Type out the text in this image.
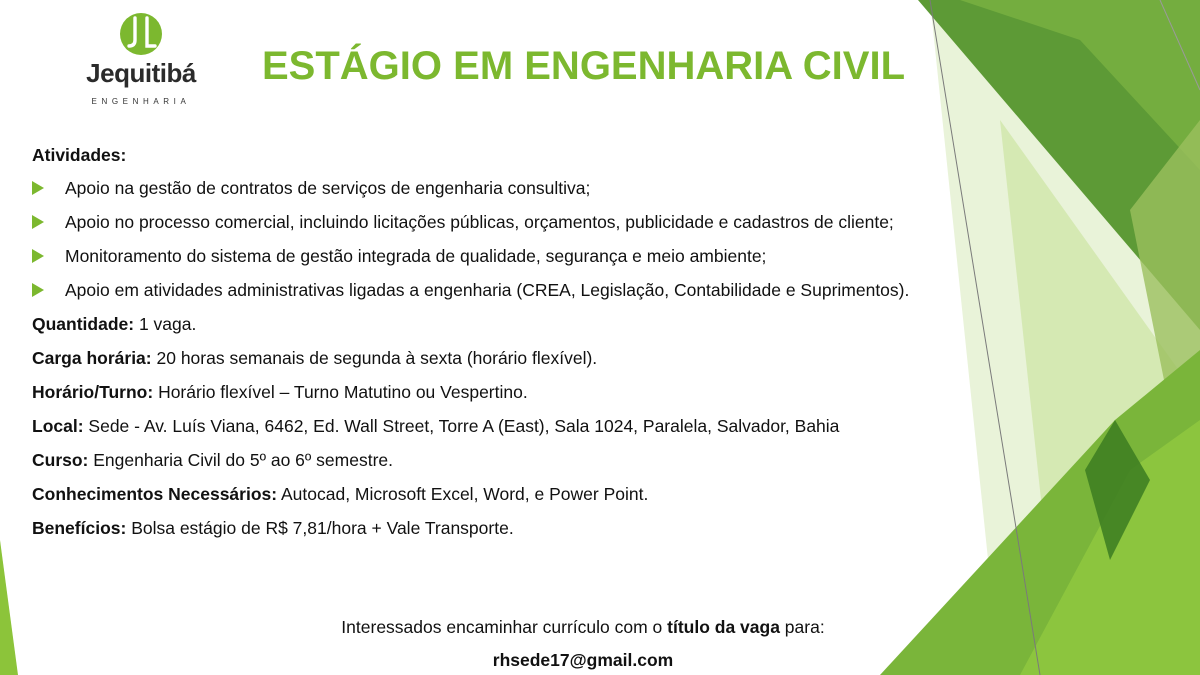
Jequitibá
ENGENHARIA
ESTÁGIO EM ENGENHARIA CIVIL
Atividades:
Apoio na gestão de contratos de serviços de engenharia consultiva;
Apoio no processo comercial, incluindo licitações públicas, orçamentos, publicidade e cadastros de cliente;
Monitoramento do sistema de gestão integrada de qualidade, segurança e meio ambiente;
Apoio em atividades administrativas ligadas a engenharia (CREA, Legislação, Contabilidade e Suprimentos).
Quantidade: 1 vaga.
Carga horária: 20 horas semanais de segunda à sexta (horário flexível).
Horário/Turno: Horário flexível – Turno Matutino ou Vespertino.
Local: Sede - Av. Luís Viana, 6462, Ed. Wall Street, Torre A (East), Sala 1024, Paralela, Salvador, Bahia
Curso: Engenharia Civil do 5º ao 6º semestre.
Conhecimentos Necessários: Autocad, Microsoft Excel, Word, e Power Point.
Benefícios: Bolsa estágio de R$ 7,81/hora + Vale Transporte.
Interessados encaminhar currículo com o título da vaga para:
rhsede17@gmail.com
